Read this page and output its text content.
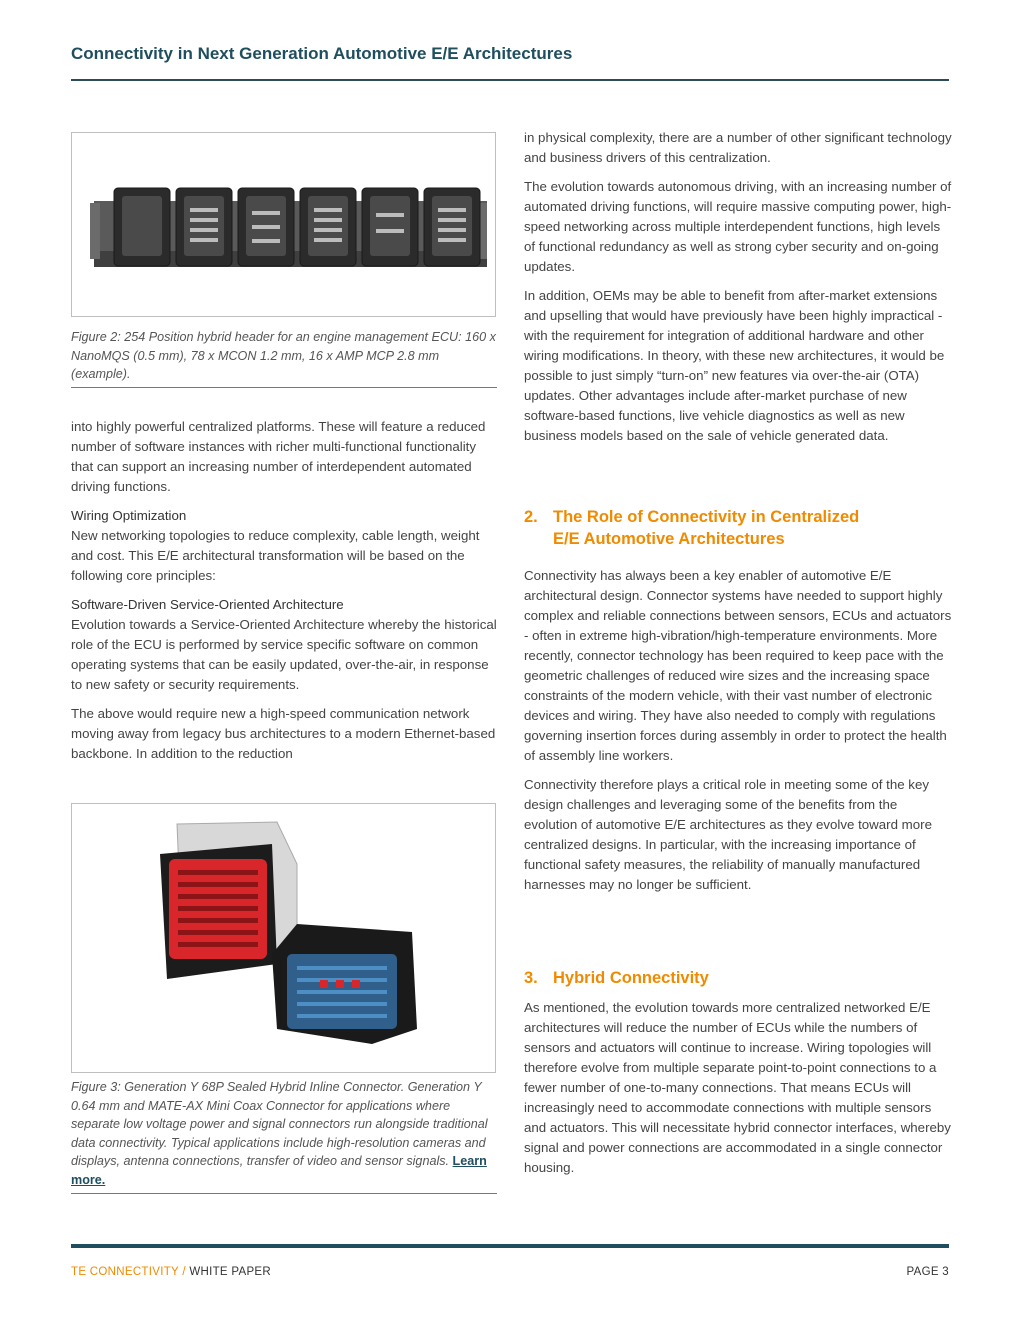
Connectivity in Next Generation Automotive E/E Architectures
Figure 2: 254 Position hybrid header for an engine management ECU: 160 x NanoMQS (0.5 mm), 78 x MCON 1.2 mm, 16 x AMP MCP 2.8 mm (example).

into highly powerful centralized platforms. These will feature a reduced number of software instances with richer multi-functional functionality that can support an increasing number of interdependent automated driving functions.

Wiring Optimization

New networking topologies to reduce complexity, cable length, weight and cost. This E/E architectural transformation will be based on the following core principles:

Software-Driven Service-Oriented Architecture

Evolution towards a Service-Oriented Architecture whereby the historical role of the ECU is performed by service specific software on common operating systems that can be easily updated, over-the-air, in response to new safety or security requirements.

The above would require new a high-speed communication network moving away from legacy bus architectures to a modern Ethernet-based backbone. In addition to the reduction

Figure 3: Generation Y 68P Sealed Hybrid Inline Connector. Generation Y 0.64 mm and MATE-AX Mini Coax Connector for applications where separate low voltage power and signal connectors run alongside traditional data connectivity. Typical applications include high-resolution cameras and displays, antenna connections, transfer of video and sensor signals. Learn more.

in physical complexity, there are a number of other significant technology and business drivers of this centralization.

The evolution towards autonomous driving, with an increasing number of automated driving functions, will require massive computing power, high-speed networking across multiple interdependent functions, high levels of functional redundancy as well as strong cyber security and on-going updates.

In addition, OEMs may be able to benefit from after-market extensions and upselling that would have previously have been highly impractical - with the requirement for integration of additional hardware and other wiring modifications. In theory, with these new architectures, it would be possible to just simply “turn-on” new features via over-the-air (OTA) updates. Other advantages include after-market purchase of new software-based functions, live vehicle diagnostics as well as new business models based on the sale of vehicle generated data.

2. The Role of Connectivity in Centralized
E/E Automotive Architectures

Connectivity has always been a key enabler of automotive E/E architectural design. Connector systems have needed to support highly complex and reliable connections between sensors, ECUs and actuators - often in extreme high-vibration/high-temperature environments. More recently, connector technology has been required to keep pace with the geometric challenges of reduced wire sizes and the increasing space constraints of the modern vehicle, with their vast number of electronic devices and wiring. They have also needed to comply with regulations governing insertion forces during assembly in order to protect the health of assembly line workers.

Connectivity therefore plays a critical role in meeting some of the key design challenges and leveraging some of the benefits from the evolution of automotive E/E architectures as they evolve toward more centralized designs. In particular, with the increasing importance of functional safety measures, the reliability of manually manufactured harnesses may no longer be sufficient.

3. Hybrid Connectivity

As mentioned, the evolution towards more centralized networked E/E architectures will reduce the number of ECUs while the numbers of sensors and actuators will continue to increase. Wiring topologies will therefore evolve from multiple separate point-to-point connections to a fewer number of one-to-many connections. That means ECUs will increasingly need to accommodate connections with multiple sensors and actuators. This will necessitate hybrid connector interfaces, whereby signal and power connections are accommodated in a single connector housing.

TE CONNECTIVITY / WHITE PAPER	PAGE 3
